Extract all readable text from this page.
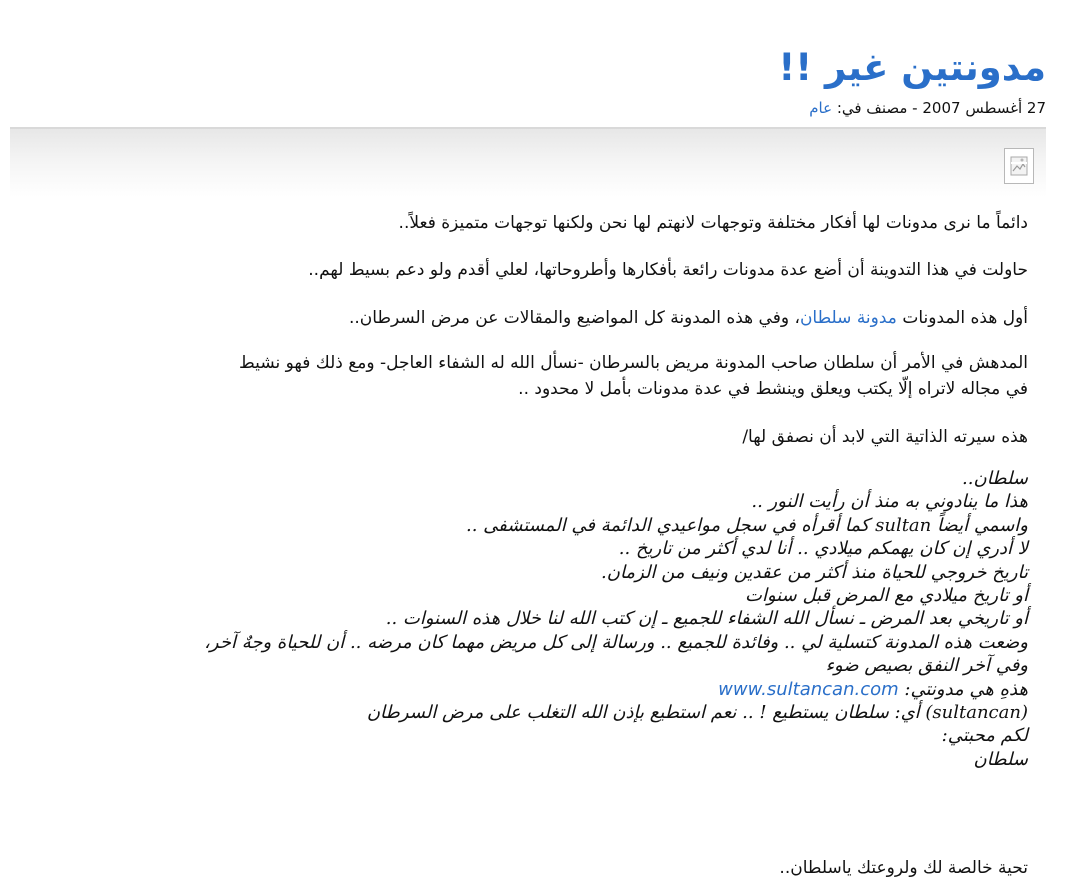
مدونتين غير !!
27 أغسطس 2007 - مصنف في: عام

دائماً ما نرى مدونات لها أفكار مختلفة وتوجهات لانهتم لها نحن ولكنها توجهات متميزة فعلاً..

حاولت في هذا التدوينة أن أضع عدة مدونات رائعة بأفكارها وأطروحاتها، لعلي أقدم ولو دعم بسيط لهم..

أول هذه المدونات مدونة سلطان، وفي هذه المدونة كل المواضيع والمقالات عن مرض السرطان..

المدهش في الأمر أن سلطان صاحب المدونة مريض بالسرطان -نسأل الله له الشفاء العاجل- ومع ذلك فهو نشيط
في مجاله لاتراه إلّا يكتب ويعلق وينشط في عدة مدونات بأمل لا محدود ..

هذه سيرته الذاتية التي لابد أن نصفق لها/

سلطان..
هذا ما ينادوني به منذ أن رأيت النور ..
واسمي أيضاً sultan كما أقرأه في سجل مواعيدي الدائمة في المستشفى ..
لا أدري إن كان يهمكم ميلادي .. أنا لدي أكثر من تاريخ ..
تاريخ خروجي للحياة منذ أكثر من عقدين ونيف من الزمان.
أو تاريخ ميلادي مع المرض قبل سنوات
أو تاريخي بعد المرض ـ نسأل الله الشفاء للجميع ـ إن كتب الله لنا خلال هذه السنوات ..
وضعت هذه المدونة كتسلية لي .. وفائدة للجميع .. ورسالة إلى كل مريض مهما كان مرضه .. أن للحياة وجهٌ آخر،
وفي آخر النفق بصيص ضوء
هذهِ هي مدونتي: www.sultancan.com
(sultancan) أي: سلطان يستطيع ! .. نعم استطيع بإذن الله التغلب على مرض السرطان
لكم محبتي:
سلطان

تحية خالصة لك ولروعتك ياسلطان..
